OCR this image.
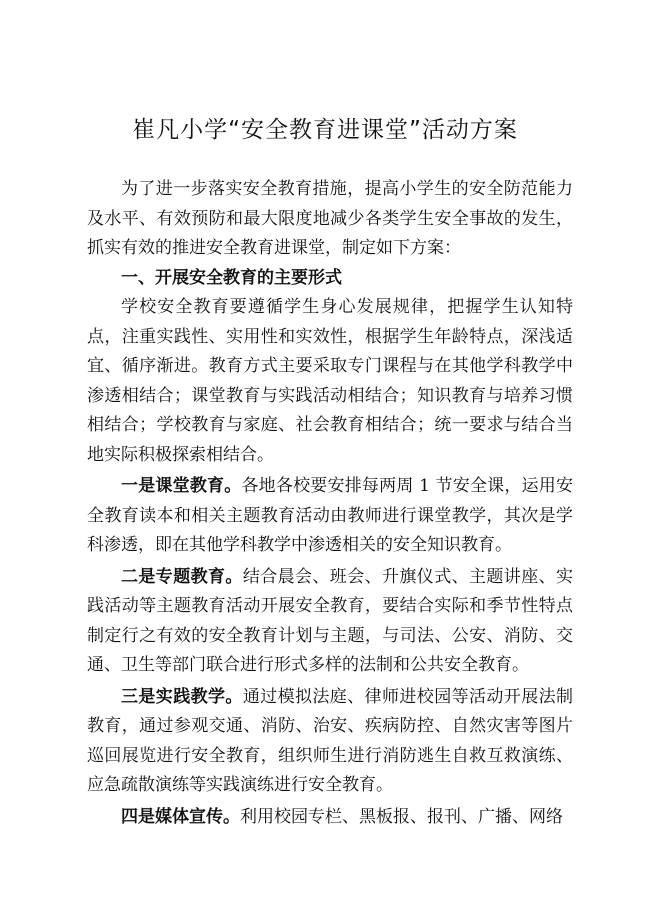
崔凡小学“安全教育进课堂”活动方案

为了进一步落实安全教育措施，提高小学生的安全防范能力及水平、有效预防和最大限度地减少各类学生安全事故的发生，抓实有效的推进安全教育进课堂，制定如下方案：

一、开展安全教育的主要形式

学校安全教育要遵循学生身心发展规律，把握学生认知特点，注重实践性、实用性和实效性，根据学生年龄特点，深浅适宜、循序渐进。教育方式主要采取专门课程与在其他学科教学中渗透相结合；课堂教育与实践活动相结合；知识教育与培养习惯相结合；学校教育与家庭、社会教育相结合；统一要求与结合当地实际积极探索相结合。

一是课堂教育。各地各校要安排每两周 1 节安全课，运用安全教育读本和相关主题教育活动由教师进行课堂教学，其次是学科渗透，即在其他学科教学中渗透相关的安全知识教育。

二是专题教育。结合晨会、班会、升旗仪式、主题讲座、实践活动等主题教育活动开展安全教育，要结合实际和季节性特点制定行之有效的安全教育计划与主题，与司法、公安、消防、交通、卫生等部门联合进行形式多样的法制和公共安全教育。

三是实践教学。通过模拟法庭、律师进校园等活动开展法制教育，通过参观交通、消防、治安、疾病防控、自然灾害等图片巡回展览进行安全教育，组织师生进行消防逃生自救互救演练、应急疏散演练等实践演练进行安全教育。

四是媒体宣传。利用校园专栏、黑板报、报刊、广播、网络
